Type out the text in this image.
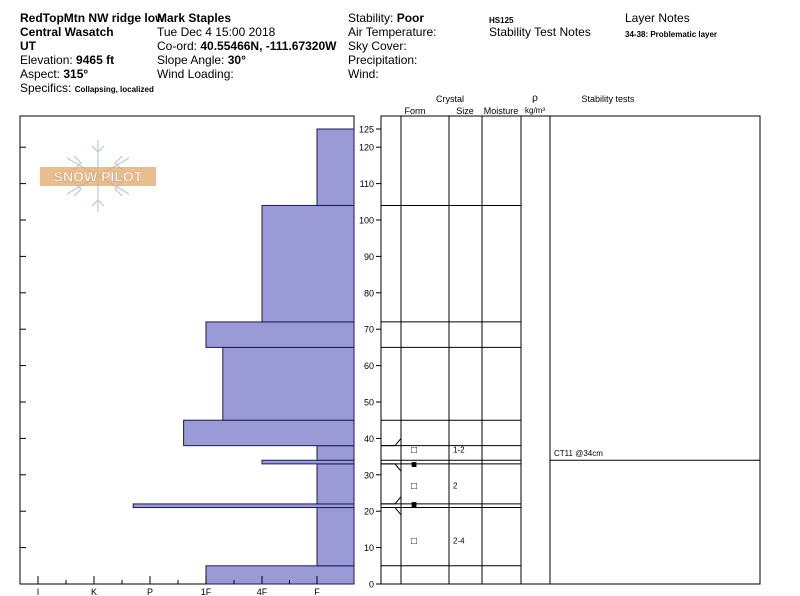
RedTopMtn NW ridge low
Central Wasatch
UT
Elevation: 9465 ft
Aspect: 315°
Specifics: Collapsing, localized
Mark Staples
Tue Dec 4 15:00 2018
Co-ord: 40.55466N, -111.67320W
Slope Angle: 30°
Wind Loading:
Stability: Poor
Air Temperature:
Sky Cover:
Precipitation:
Wind:
HS125
Stability Test Notes
Layer Notes
34-38: Problematic layer
I	K	P	1F	4F	F
SNOW PILOT
0
10
20
30
40
50
60
70
80
90
100
110
120
125
□	1-2
■
□	2
■
□	2-4
CT11 @34cm
Crystal
Form	Size Moisture
ρ
kg/m³
Stability tests
